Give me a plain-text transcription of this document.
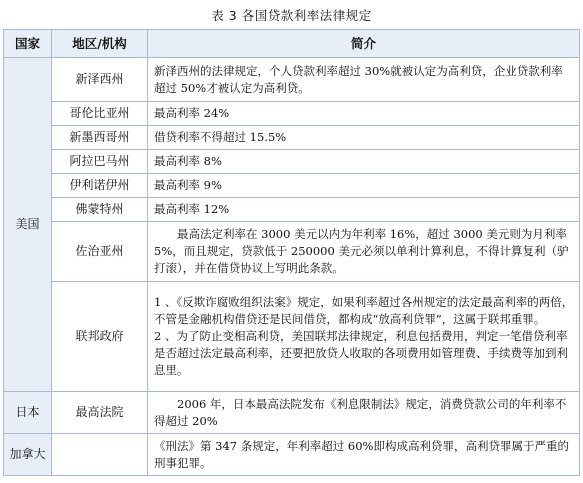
表 3 各国贷款利率法律规定
国家	地区/机构	简介
美国	新泽西州	新泽西州的法律规定，个人贷款利率超过 30%就被认定为高利贷，企业贷款利率超过 50%才被认定为高利贷。
	哥伦比亚州	最高利率 24%
	新墨西哥州	借贷利率不得超过 15.5%
	阿拉巴马州	最高利率 8%
	伊利诺伊州	最高利率 9%
	佛蒙特州	最高利率 12%
	佐治亚州	最高法定利率在 3000 美元以内为年利率 16%，超过 3000 美元则为月利率 5%，而且规定，贷款低于 250000 美元必须以单利计算利息，不得计算复利（驴打滚），并在借贷协议上写明此条款。
	联邦政府	1 、《反欺诈腐败组织法案》规定，如果利率超过各州规定的法定最高利率的两倍，不管是金融机构借贷还是民间借贷，都构成“放高利贷罪”，这属于联邦重罪。
2 、为了防止变相高利贷，美国联邦法律规定，利息包括费用，判定一笔借贷利率是否超过法定最高利率，还要把放贷人收取的各项费用如管理费、手续费等加到利息里。

日本	最高法院	2006 年，日本最高法院发布《利息限制法》规定，消费贷款公司的年利率不得超过 20%
加拿大		《刑法》第 347 条规定，年利率超过 60%即构成高利贷罪，高利贷罪属于严重的刑事犯罪。
